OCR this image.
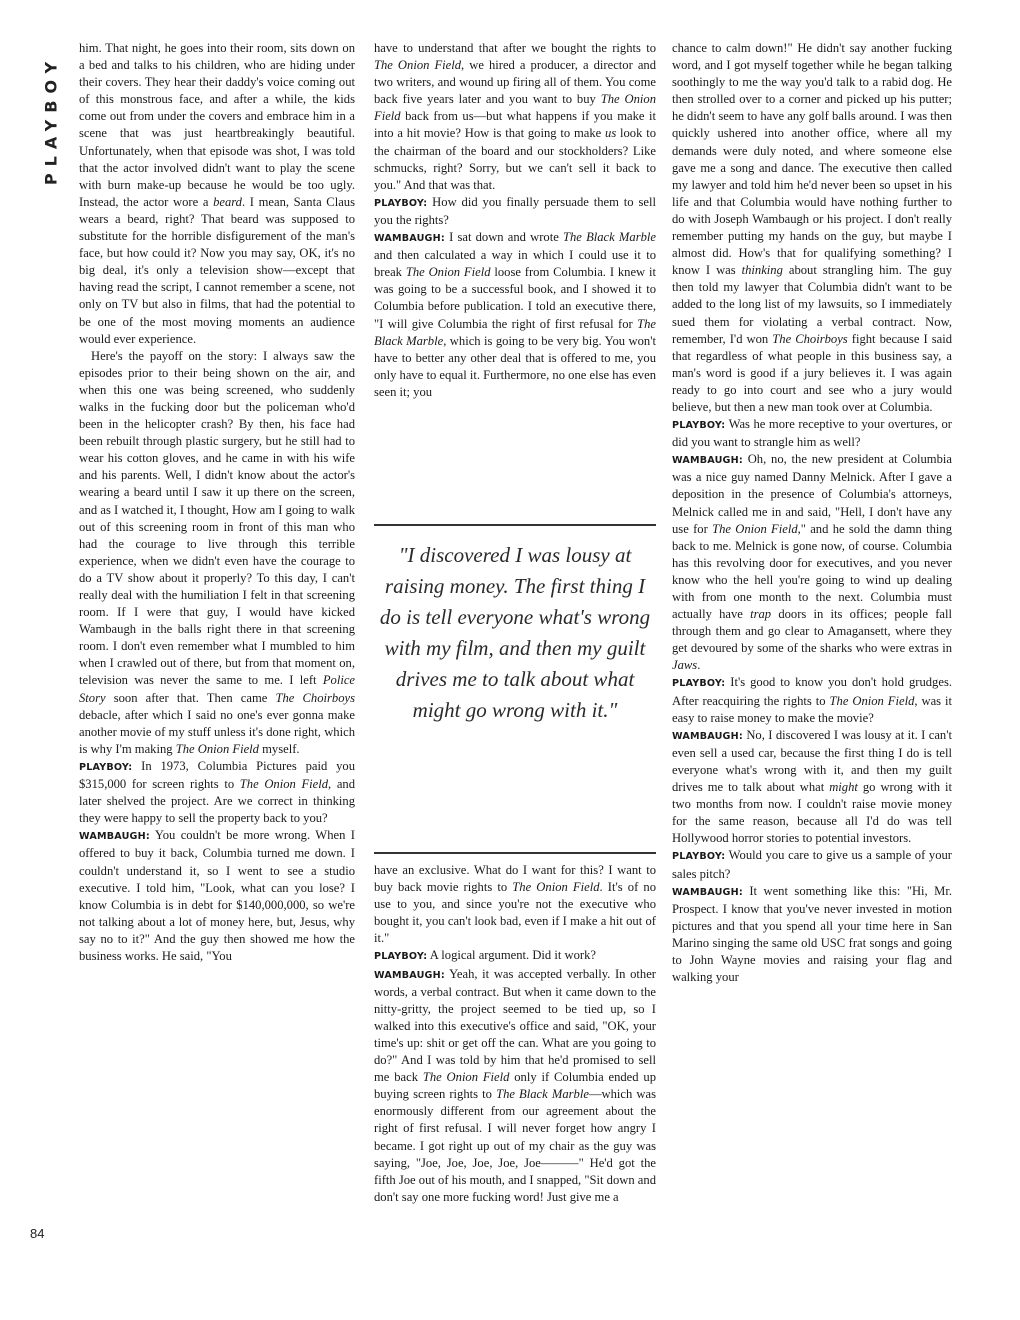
PLAYBOY
84

him. That night, he goes into their room, sits down on a bed and talks to his children, who are hiding under their covers. They hear their daddy's voice coming out of this monstrous face, and after a while, the kids come out from under the covers and embrace him in a scene that was just heartbreakingly beautiful. Unfortunately, when that episode was shot, I was told that the actor involved didn't want to play the scene with burn make-up because he would be too ugly. Instead, the actor wore a beard. I mean, Santa Claus wears a beard, right? That beard was supposed to substitute for the horrible disfigurement of the man's face, but how could it? Now you may say, OK, it's no big deal, it's only a television show—except that having read the script, I cannot remember a scene, not only on TV but also in films, that had the potential to be one of the most moving moments an audience would ever experience.

Here's the payoff on the story: I always saw the episodes prior to their being shown on the air, and when this one was being screened, who suddenly walks in the fucking door but the policeman who'd been in the helicopter crash? By then, his face had been rebuilt through plastic surgery, but he still had to wear his cotton gloves, and he came in with his wife and his parents. Well, I didn't know about the actor's wearing a beard until I saw it up there on the screen, and as I watched it, I thought, How am I going to walk out of this screening room in front of this man who had the courage to live through this terrible experience, when we didn't even have the courage to do a TV show about it properly? To this day, I can't really deal with the humiliation I felt in that screening room. If I were that guy, I would have kicked Wambaugh in the balls right there in that screening room. I don't even remember what I mumbled to him when I crawled out of there, but from that moment on, television was never the same to me. I left Police Story soon after that. Then came The Choirboys debacle, after which I said no one's ever gonna make another movie of my stuff unless it's done right, which is why I'm making The Onion Field myself.

PLAYBOY: In 1973, Columbia Pictures paid you $315,000 for screen rights to The Onion Field, and later shelved the project. Are we correct in thinking they were happy to sell the property back to you?

WAMBAUGH: You couldn't be more wrong. When I offered to buy it back, Columbia turned me down. I couldn't understand it, so I went to see a studio executive. I told him, "Look, what can you lose? I know Columbia is in debt for $140,000,000, so we're not talking about a lot of money here, but, Jesus, why say no to it?" And the guy then showed me how the business works. He said, "You

have to understand that after we bought the rights to The Onion Field, we hired a producer, a director and two writers, and wound up firing all of them. You come back five years later and you want to buy The Onion Field back from us—but what happens if you make it into a hit movie? How is that going to make us look to the chairman of the board and our stockholders? Like schmucks, right? Sorry, but we can't sell it back to you." And that was that.

PLAYBOY: How did you finally persuade them to sell you the rights?

WAMBAUGH: I sat down and wrote The Black Marble and then calculated a way in which I could use it to break The Onion Field loose from Columbia. I knew it was going to be a successful book, and I showed it to Columbia before publication. I told an executive there, "I will give Columbia the right of first refusal for The Black Marble, which is going to be very big. You won't have to better any other deal that is offered to me, you only have to equal it. Furthermore, no one else has even seen it; you

"I discovered I was lousy at raising money. The first thing I do is tell everyone what's wrong with my film, and then my guilt drives me to talk about what might go wrong with it."

have an exclusive. What do I want for this? I want to buy back movie rights to The Onion Field. It's of no use to you, and since you're not the executive who bought it, you can't look bad, even if I make a hit out of it."

PLAYBOY: A logical argument. Did it work?

WAMBAUGH: Yeah, it was accepted verbally. In other words, a verbal contract. But when it came down to the nitty-gritty, the project seemed to be tied up, so I walked into this executive's office and said, "OK, your time's up: shit or get off the can. What are you going to do?" And I was told by him that he'd promised to sell me back The Onion Field only if Columbia ended up buying screen rights to The Black Marble—which was enormously different from our agreement about the right of first refusal. I will never forget how angry I became. I got right up out of my chair as the guy was saying, "Joe, Joe, Joe, Joe, Joe———" He'd got the fifth Joe out of his mouth, and I snapped, "Sit down and don't say one more fucking word! Just give me a

chance to calm down!" He didn't say another fucking word, and I got myself together while he began talking soothingly to me the way you'd talk to a rabid dog. He then strolled over to a corner and picked up his putter; he didn't seem to have any golf balls around. I was then quickly ushered into another office, where all my demands were duly noted, and where someone else gave me a song and dance. The executive then called my lawyer and told him he'd never been so upset in his life and that Columbia would have nothing further to do with Joseph Wambaugh or his project. I don't really remember putting my hands on the guy, but maybe I almost did. How's that for qualifying something? I know I was thinking about strangling him. The guy then told my lawyer that Columbia didn't want to be added to the long list of my lawsuits, so I immediately sued them for violating a verbal contract. Now, remember, I'd won The Choirboys fight because I said that regardless of what people in this business say, a man's word is good if a jury believes it. I was again ready to go into court and see who a jury would believe, but then a new man took over at Columbia.

PLAYBOY: Was he more receptive to your overtures, or did you want to strangle him as well?

WAMBAUGH: Oh, no, the new president at Columbia was a nice guy named Danny Melnick. After I gave a deposition in the presence of Columbia's attorneys, Melnick called me in and said, "Hell, I don't have any use for The Onion Field," and he sold the damn thing back to me. Melnick is gone now, of course. Columbia has this revolving door for executives, and you never know who the hell you're going to wind up dealing with from one month to the next. Columbia must actually have trap doors in its offices; people fall through them and go clear to Amagansett, where they get devoured by some of the sharks who were extras in Jaws.

PLAYBOY: It's good to know you don't hold grudges. After reacquiring the rights to The Onion Field, was it easy to raise money to make the movie?

WAMBAUGH: No, I discovered I was lousy at it. I can't even sell a used car, because the first thing I do is tell everyone what's wrong with it, and then my guilt drives me to talk about what might go wrong with it two months from now. I couldn't raise movie money for the same reason, because all I'd do was tell Hollywood horror stories to potential investors.

PLAYBOY: Would you care to give us a sample of your sales pitch?

WAMBAUGH: It went something like this: "Hi, Mr. Prospect. I know that you've never invested in motion pictures and that you spend all your time here in San Marino singing the same old USC frat songs and going to John Wayne movies and raising your flag and walking your
